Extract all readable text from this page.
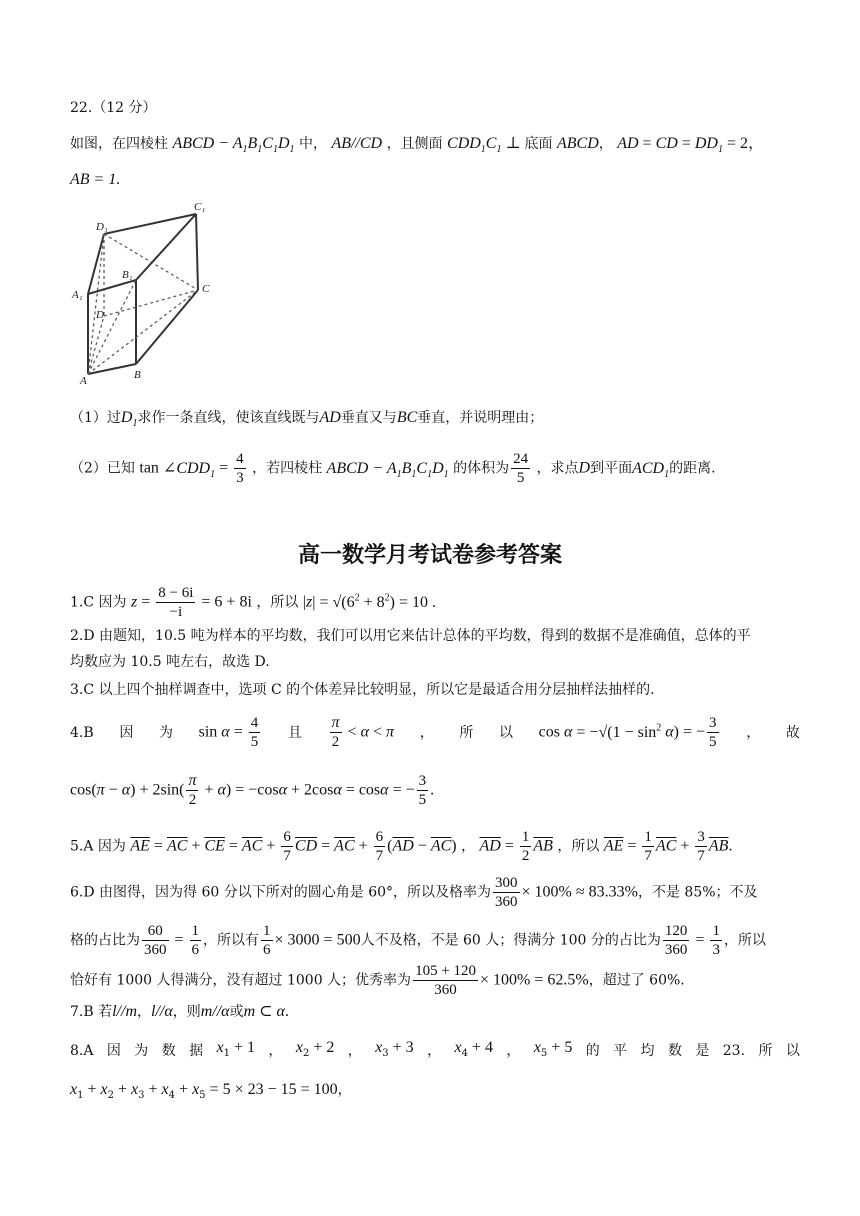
22.（12 分）
如图，在四棱柱 ABCD − $A_1B_1C_1D_1$ 中， AB//CD ，且侧面 $CDD_1C_1$ ⊥ 底面 ABCD， AD = CD = $DD_1 = 2$，
AB = 1.
C₁
D₁
B₁
A₁
D
C
A	B
（1）过$D_1$求作一条直线，使该直线既与AD垂直又与BC垂直，并说明理由；
（2）已知 $\tan \angle CDD_1 = \frac{4}{3}$ ，若四棱柱 ABCD − $A_1B_1C_1D_1$ 的体积为 $\frac{24}{5}$ ，求点D到平面$ACD_1$的距离.
高一数学月考试卷参考答案
1.C 因为 $z = \frac{8 - 6i}{-i} = 6 + 8i$ ，所以 $|z| = √(6^2 + 8^2) = 10$ .
2.D 由题知，10.5 吨为样本的平均数，我们可以用它来估计总体的平均数，得到的数据不是准确值，总体的平
均数应为 10.5 吨左右，故选 D.
3.C 以上四个抽样调查中，选项 C 的个体差异比较明显，所以它是最适合用分层抽样法抽样的.
4.B 因 为 $\sin \alpha = \frac{4}{5}$ 且 $\frac{\pi}{2} < \alpha < \pi$ ， 所 以 $\cos \alpha = -√(1 - \sin^2 \alpha)$ = − $\frac{3}{5}$ ， 故
$\cos(\pi - \alpha) + 2\sin( \frac{\pi}{2} + \alpha) = -\cos\alpha + 2\cos\alpha = \cos\alpha$ = − $\frac{3}{5}$ .
5.A 因为 $\overline{AE} = \overline{AC} + \overline{CE} = \overline{AC} + \frac{6}{7} \overline{CD} = \overline{AC} + \frac{6}{7} (\overline{AD} - \overline{AC})$ ， $\overline{AD} = \frac{1}{2} \overline{AB}$ ，所以 $\overline{AE} = \frac{1}{7} \overline{AC} + \frac{3}{7} \overline{AB}$.
6.D 由图得，因为得 60 分以下所对的圆心角是 60°，所以及格率为 $\frac{300}{360} \times 100\% \approx 83.33\%$，不是 85%；不及
格的占比为 $\frac{60}{360} = \frac{1}{6}$ ，所以有 $\frac{1}{6} \times 3000 = 500$人不及格，不是 60 人；得满分 100 分的占比为 $\frac{120}{360} = \frac{1}{3}$ ，所以
恰好有 1000 人得满分，没有超过 1000 人；优秀率为 $\frac{105 + 120}{360} \times 100\% = 62.5\%$，超过了 60%.
7.B 若l//m，l//α，则m//α或m ⊂ α.
8.A 因 为 数 据 $x_1 + 1$ ， $x_2 + 2$ ， $x_3 + 3$ ， $x_4 + 4$ ， $x_5 + 5$ 的 平 均 数 是 23. 所 以
$x_1 + x_2 + x_3 + x_4 + x_5 = 5 \times 23 - 15 = 100$，
